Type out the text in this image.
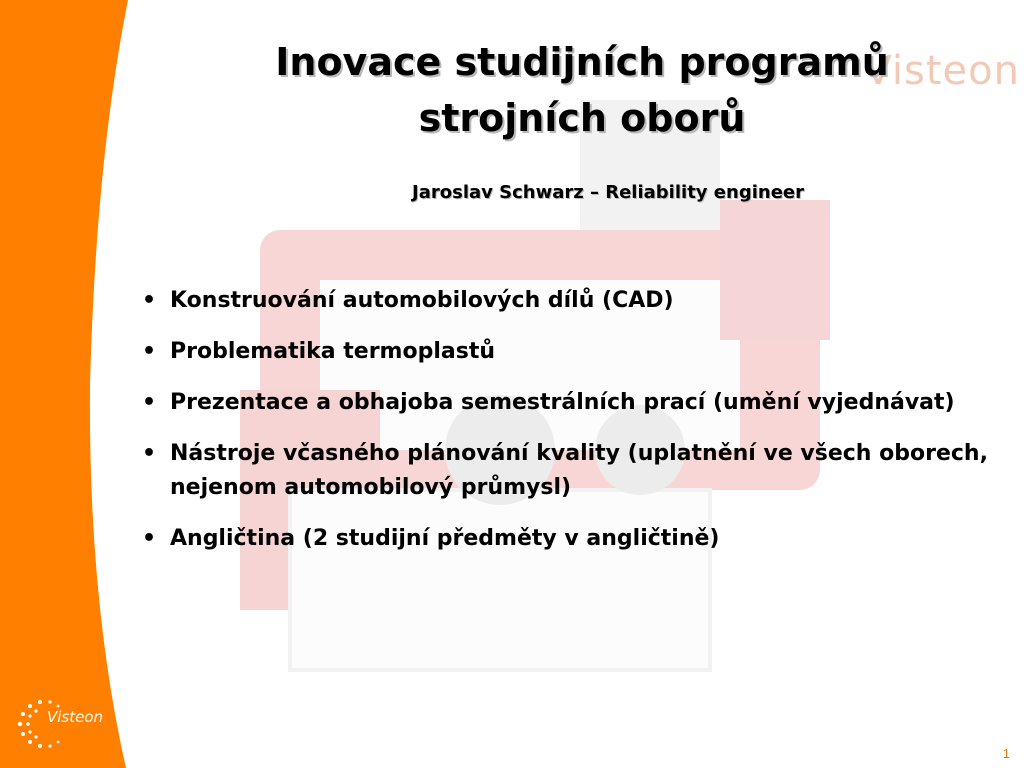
Visteon
Inovace studijních programů
strojních oborů
Jaroslav Schwarz – Reliability engineer
• Konstruování automobilových dílů (CAD)
• Problematika termoplastů
• Prezentace a obhajoba semestrálních prací (umění vyjednávat)
• Nástroje včasného plánování kvality (uplatnění ve všech oborech, nejenom automobilový průmysl)
• Angličtina (2 studijní předměty v angličtině)
Visteon
1
